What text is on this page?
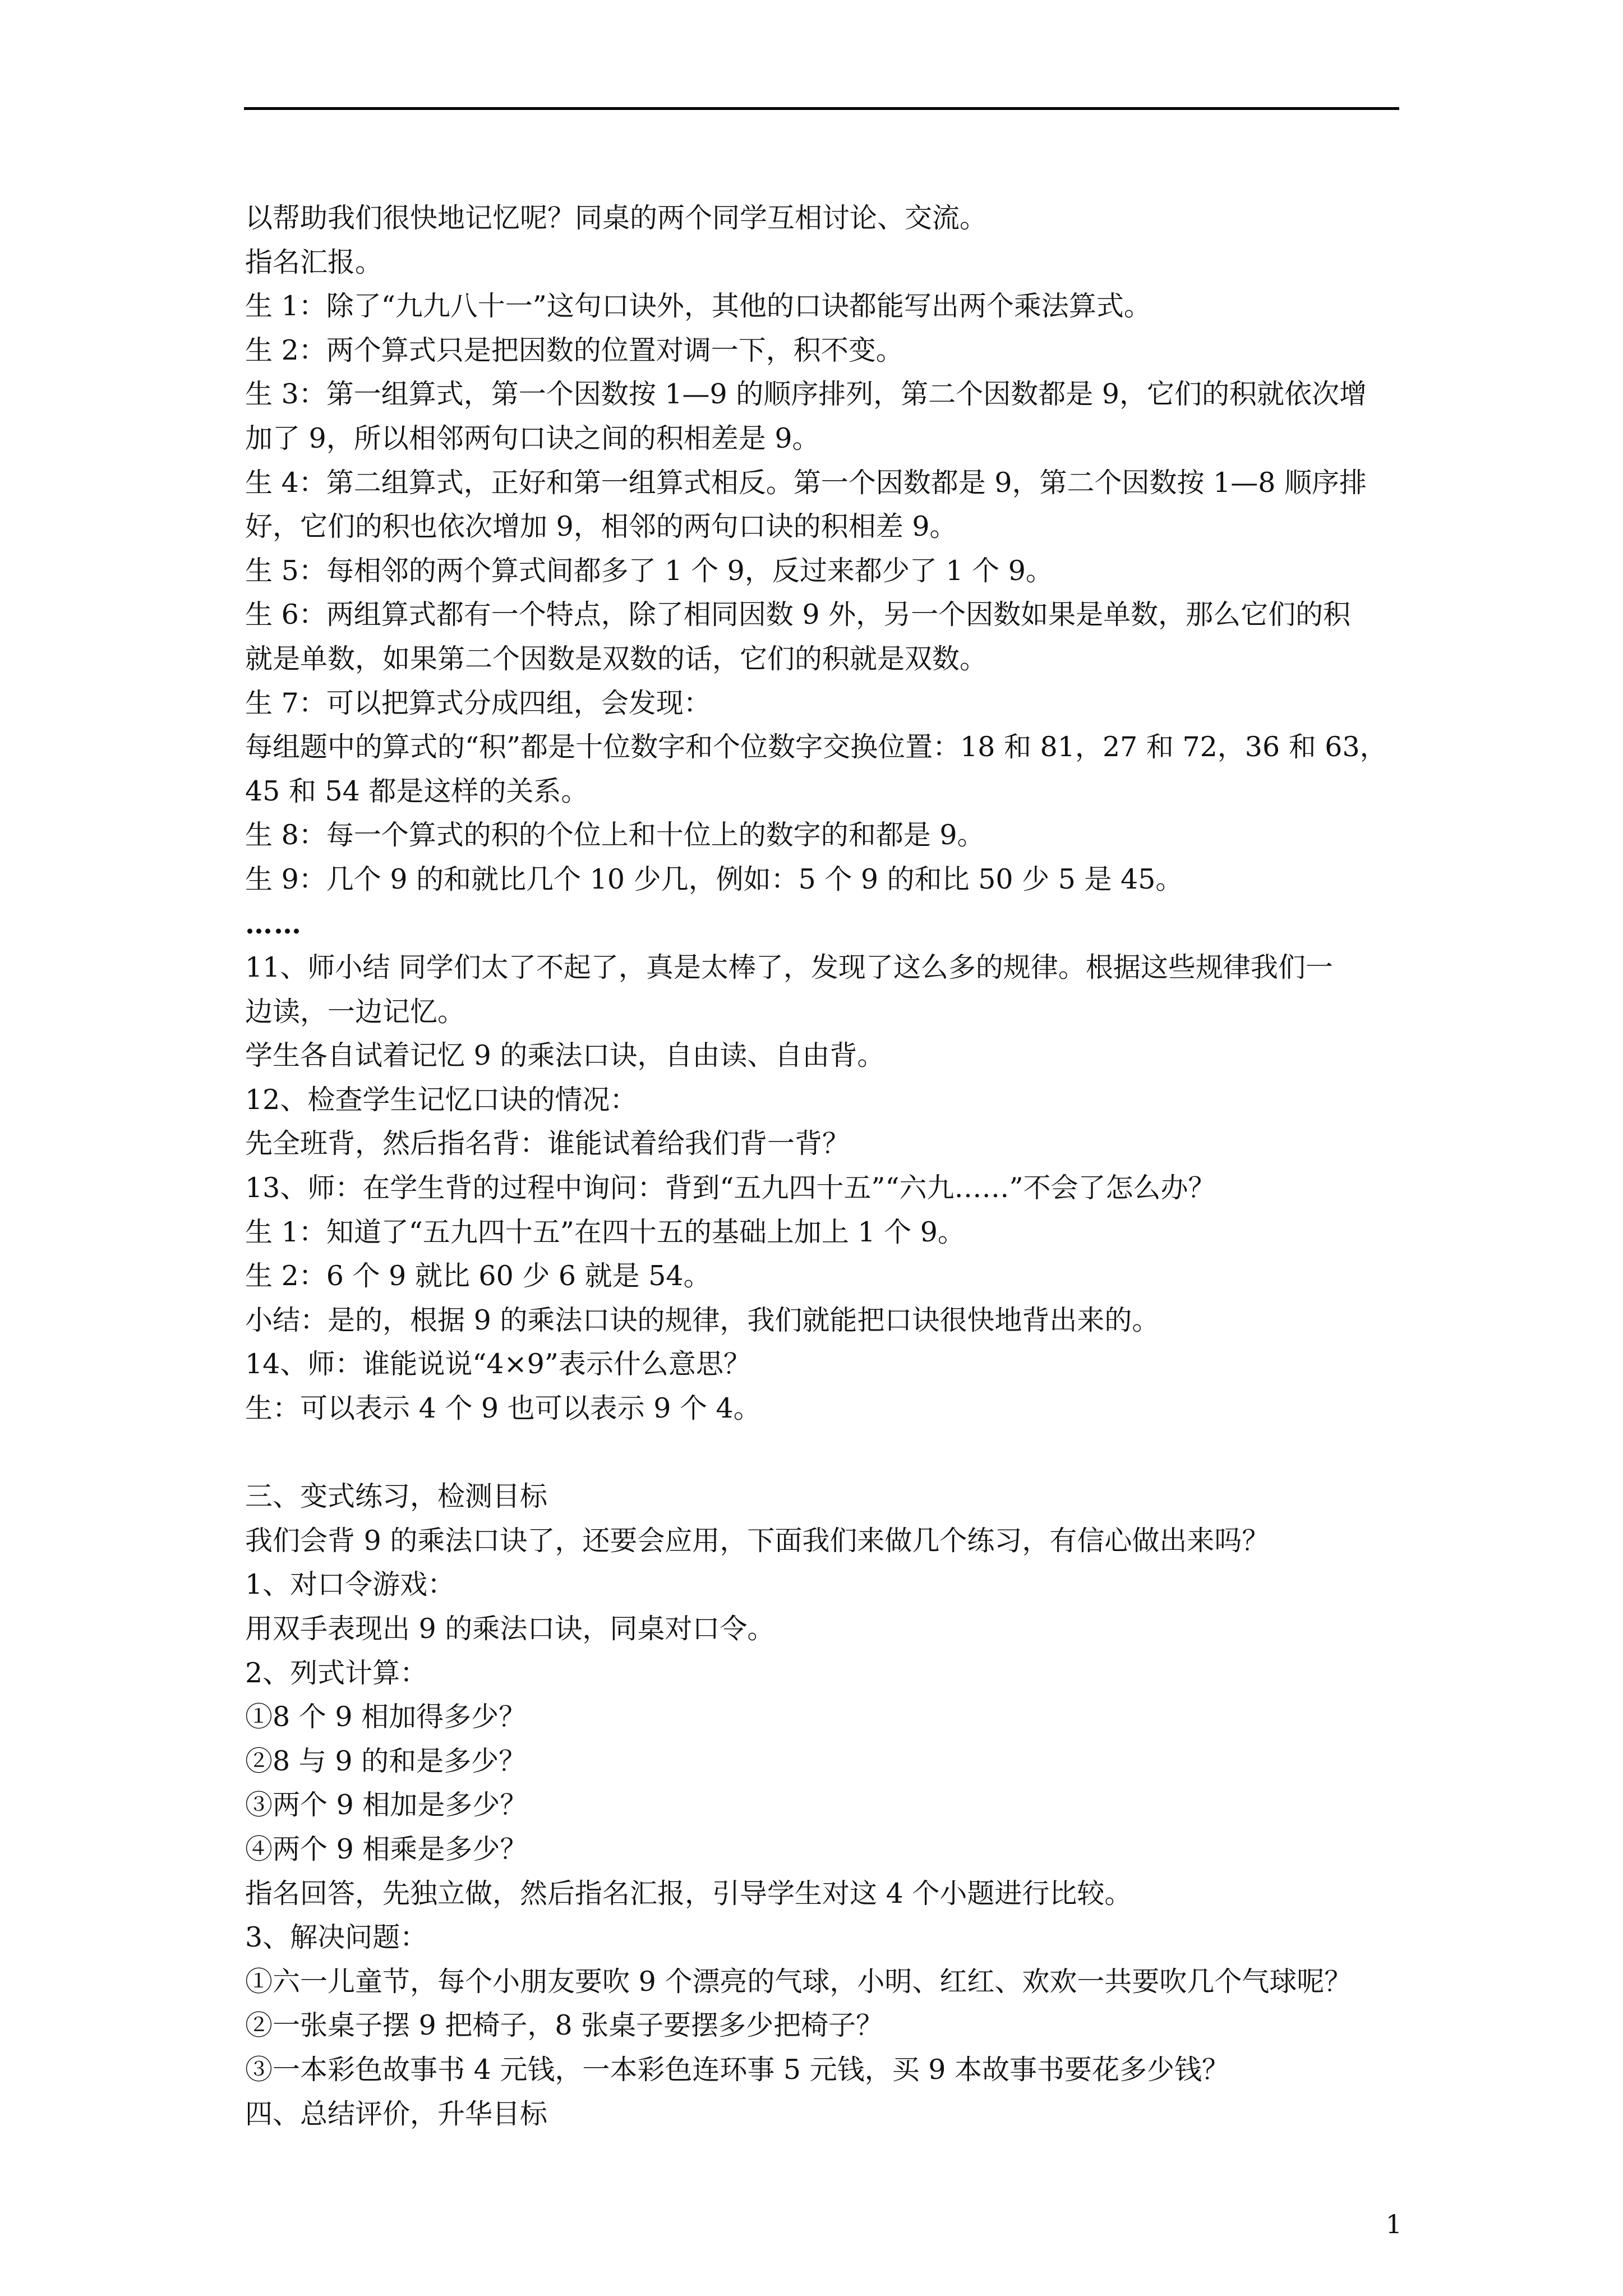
以帮助我们很快地记忆呢？同桌的两个同学互相讨论、交流。
指名汇报。
生 1：除了“九九八十一”这句口诀外，其他的口诀都能写出两个乘法算式。
生 2：两个算式只是把因数的位置对调一下，积不变。
生 3：第一组算式，第一个因数按 1—9 的顺序排列，第二个因数都是 9，它们的积就依次增
加了 9，所以相邻两句口诀之间的积相差是 9。
生 4：第二组算式，正好和第一组算式相反。第一个因数都是 9，第二个因数按 1—8 顺序排
好，它们的积也依次增加 9，相邻的两句口诀的积相差 9。
生 5：每相邻的两个算式间都多了 1 个 9，反过来都少了 1 个 9。
生 6：两组算式都有一个特点，除了相同因数 9 外，另一个因数如果是单数，那么它们的积
就是单数，如果第二个因数是双数的话，它们的积就是双数。
生 7：可以把算式分成四组，会发现：
每组题中的算式的“积”都是十位数字和个位数字交换位置：18 和 81，27 和 72，36 和 63，
45 和 54 都是这样的关系。
生 8：每一个算式的积的个位上和十位上的数字的和都是 9。
生 9：几个 9 的和就比几个 10 少几，例如：5 个 9 的和比 50 少 5 是 45。
……
11、师小结 同学们太了不起了，真是太棒了，发现了这么多的规律。根据这些规律我们一
边读，一边记忆。
学生各自试着记忆 9 的乘法口诀，自由读、自由背。
12、检查学生记忆口诀的情况：
先全班背，然后指名背：谁能试着给我们背一背？
13、师：在学生背的过程中询问：背到“五九四十五”“六九……”不会了怎么办？
生 1：知道了“五九四十五”在四十五的基础上加上 1 个 9。
生 2：6 个 9 就比 60 少 6 就是 54。
小结：是的，根据 9 的乘法口诀的规律，我们就能把口诀很快地背出来的。
14、师：谁能说说“4×9”表示什么意思？
生：可以表示 4 个 9 也可以表示 9 个 4。
三、变式练习，检测目标
我们会背 9 的乘法口诀了，还要会应用，下面我们来做几个练习，有信心做出来吗？
1、对口令游戏：
用双手表现出 9 的乘法口诀，同桌对口令。
2、列式计算：
①8 个 9 相加得多少？
②8 与 9 的和是多少？
③两个 9 相加是多少？
④两个 9 相乘是多少？
指名回答，先独立做，然后指名汇报，引导学生对这 4 个小题进行比较。
3、解决问题：
①六一儿童节，每个小朋友要吹 9 个漂亮的气球，小明、红红、欢欢一共要吹几个气球呢？
②一张桌子摆 9 把椅子，8 张桌子要摆多少把椅子？
③一本彩色故事书 4 元钱，一本彩色连环事 5 元钱，买 9 本故事书要花多少钱？
四、总结评价，升华目标
1
